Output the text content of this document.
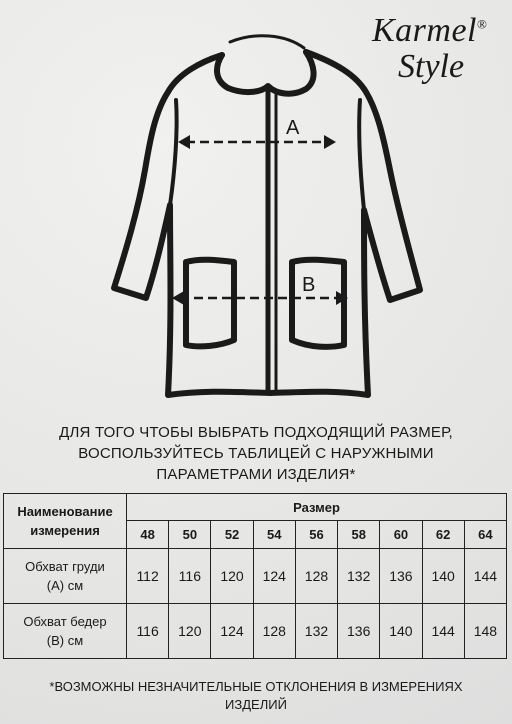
Karmel®
Style
A
B
ДЛЯ ТОГО ЧТОБЫ ВЫБРАТЬ ПОДХОДЯЩИЙ РАЗМЕР,
ВОСПОЛЬЗУЙТЕСЬ ТАБЛИЦЕЙ С НАРУЖНЫМИ
ПАРАМЕТРАМИ ИЗДЕЛИЯ*
Наименование
измерения	Размер								
	48	50	52	54	56	58	60	62	64

Обхват груди
(А) см	112	116	120	124	128	132	136	140	144

Обхват бедер
(В) см	116	120	124	128	132	136	140	144	148
*ВОЗМОЖНЫ НЕЗНАЧИТЕЛЬНЫЕ ОТКЛОНЕНИЯ В ИЗМЕРЕНИЯХ
ИЗДЕЛИЙ
